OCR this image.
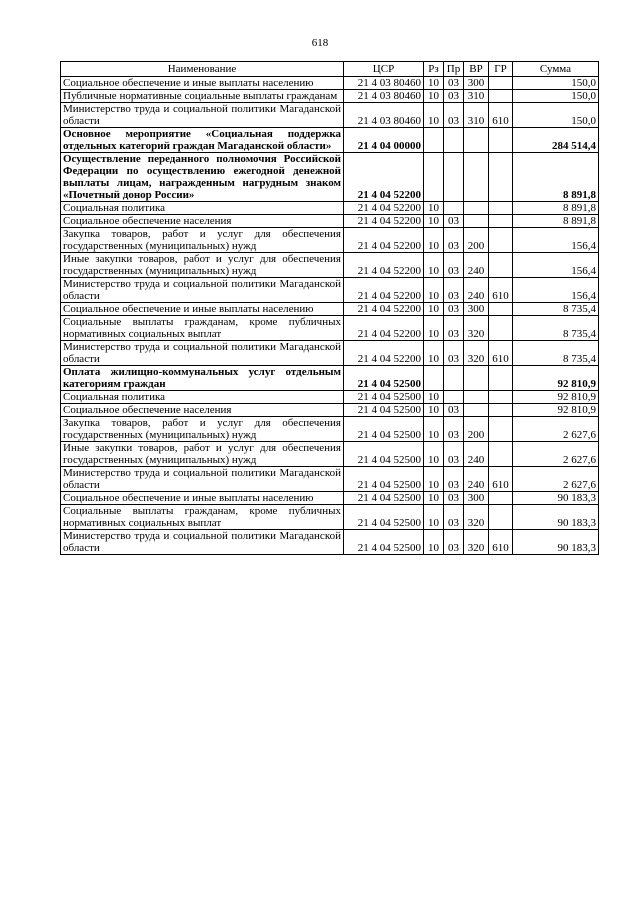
618
Наименование	ЦСР	Рз	Пр	ВР	ГР	Сумма
Социальное обеспечение и иные выплаты населению	21 4 03 80460	10	03	300		150,0
Публичные нормативные социальные выплаты гражданам	21 4 03 80460	10	03	310		150,0
Министерство труда и социальной политики Магаданской области	21 4 03 80460	10	03	310	610	150,0
Основное мероприятие «Социальная поддержка отдельных категорий граждан Магаданской области»	21 4 04 00000					284 514,4
Осуществление переданного полномочия Российской Федерации по осуществлению ежегодной денежной выплаты лицам, награжденным нагрудным знаком «Почетный донор России»	21 4 04 52200					8 891,8
Социальная политика	21 4 04 52200	10				8 891,8
Социальное обеспечение населения	21 4 04 52200	10	03			8 891,8
Закупка товаров, работ и услуг для обеспечения государственных (муниципальных) нужд	21 4 04 52200	10	03	200		156,4
Иные закупки товаров, работ и услуг для обеспечения государственных (муниципальных) нужд	21 4 04 52200	10	03	240		156,4
Министерство труда и социальной политики Магаданской области	21 4 04 52200	10	03	240	610	156,4
Социальное обеспечение и иные выплаты населению	21 4 04 52200	10	03	300		8 735,4
Социальные выплаты гражданам, кроме публичных нормативных социальных выплат	21 4 04 52200	10	03	320		8 735,4
Министерство труда и социальной политики Магаданской области	21 4 04 52200	10	03	320	610	8 735,4
Оплата жилищно-коммунальных услуг отдельным категориям граждан	21 4 04 52500					92 810,9
Социальная политика	21 4 04 52500	10				92 810,9
Социальное обеспечение населения	21 4 04 52500	10	03			92 810,9
Закупка товаров, работ и услуг для обеспечения государственных (муниципальных) нужд	21 4 04 52500	10	03	200		2 627,6
Иные закупки товаров, работ и услуг для обеспечения государственных (муниципальных) нужд	21 4 04 52500	10	03	240		2 627,6
Министерство труда и социальной политики Магаданской области	21 4 04 52500	10	03	240	610	2 627,6
Социальное обеспечение и иные выплаты населению	21 4 04 52500	10	03	300		90 183,3
Социальные выплаты гражданам, кроме публичных нормативных социальных выплат	21 4 04 52500	10	03	320		90 183,3
Министерство труда и социальной политики Магаданской области	21 4 04 52500	10	03	320	610	90 183,3
